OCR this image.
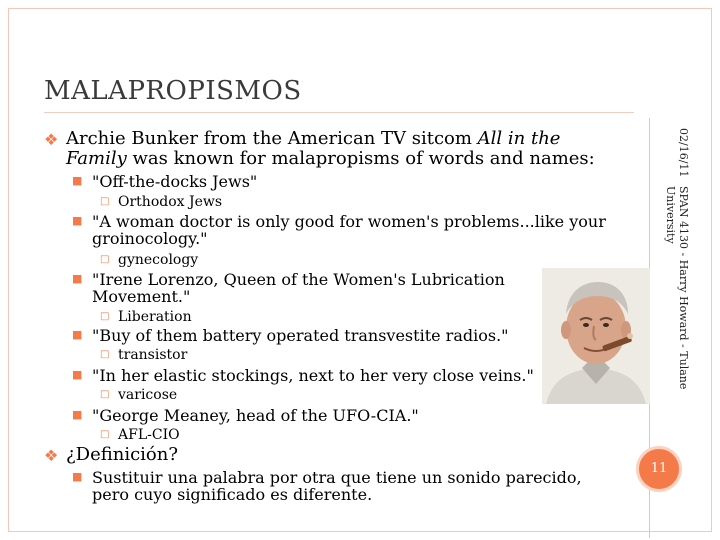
MALAPROPISMOS
02/16/11
SPAN 4130 - Harry Howard - Tulane
University
❖ Archie Bunker from the American TV sitcom All in the Family was known for malapropisms of words and names:
■ "Off-the-docks Jews"
□ Orthodox Jews
■ "A woman doctor is only good for women's problems...like your groinocology."
□ gynecology
■ "Irene Lorenzo, Queen of the Women's Lubrication Movement."
□ Liberation
■ "Buy of them battery operated transvestite radios."
□ transistor
■ "In her elastic stockings, next to her very close veins."
□ varicose
■ "George Meaney, head of the UFO-CIA."
□ AFL-CIO
❖ ¿Definición?
■ Sustituir una palabra por otra que tiene un sonido parecido, pero cuyo significado es diferente.
11
